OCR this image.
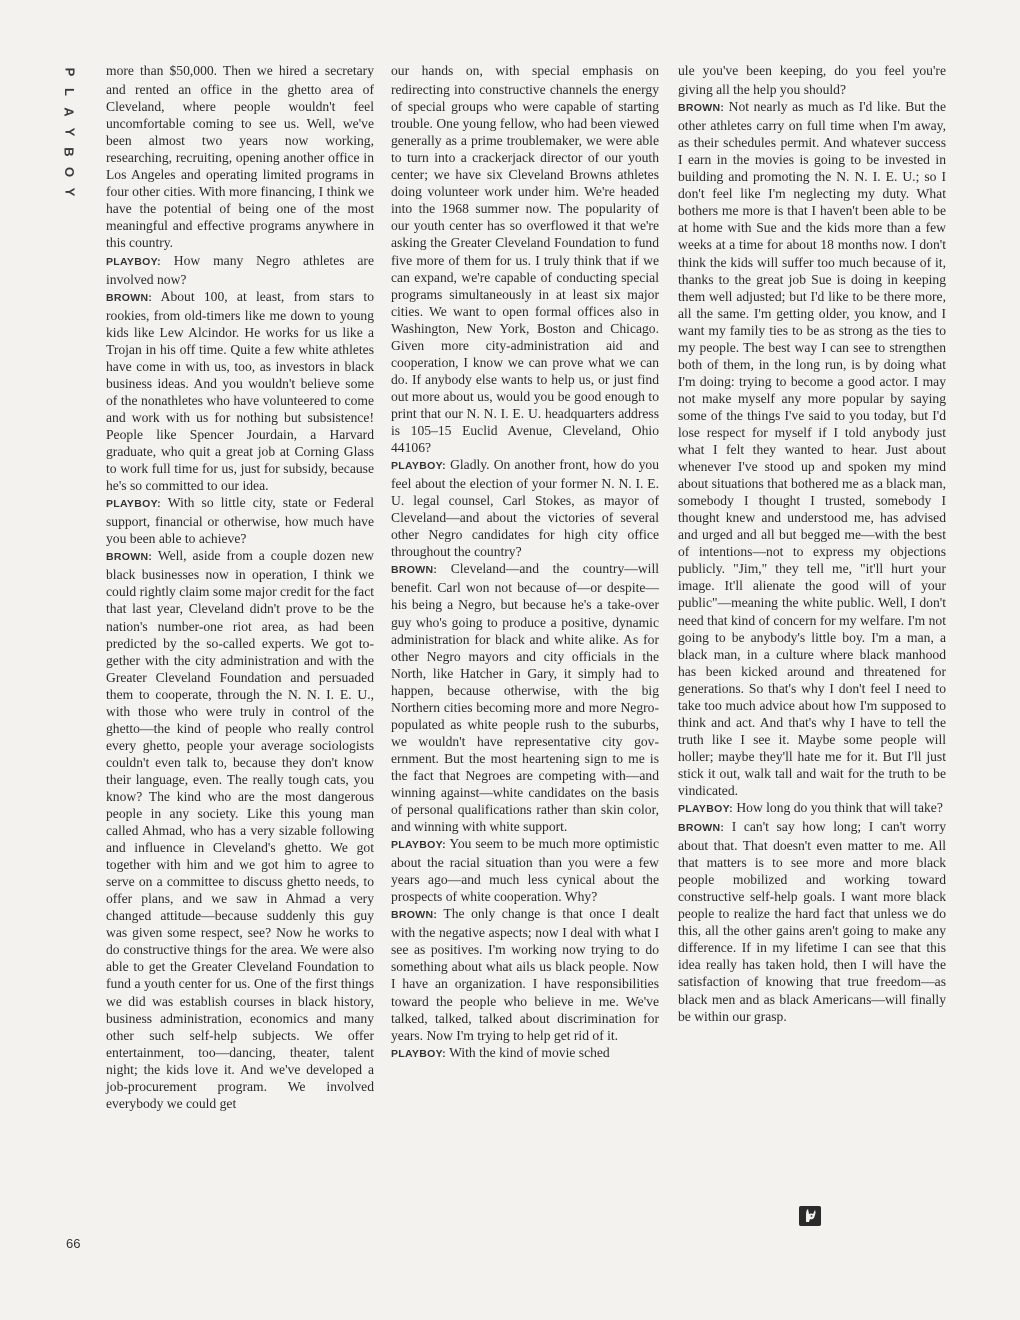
P
L
A
Y
B
O
Y

more than $50,000. Then we hired a secretary and rented an office in the ghetto area of Cleveland, where people wouldn't feel uncomfortable coming to see us. Well, we've been almost two years now working, researching, recruiting, opening another office in Los Angeles and operating limited programs in four other cities. With more financing, I think we have the potential of being one of the most meaningful and effective programs anywhere in this country.

PLAYBOY: How many Negro athletes are involved now?

BROWN: About 100, at least, from stars to rookies, from old-timers like me down to young kids like Lew Alcindor. He works for us like a Trojan in his off time. Quite a few white athletes have come in with us, too, as investors in black business ideas. And you wouldn't believe some of the nonathletes who have volunteered to come and work with us for nothing but subsistence! People like Spencer Jourdain, a Harvard graduate, who quit a great job at Corning Glass to work full time for us, just for subsidy, because he's so committed to our idea.

PLAYBOY: With so little city, state or Federal support, financial or otherwise, how much have you been able to achieve?

BROWN: Well, aside from a couple dozen new black businesses now in operation, I think we could rightly claim some major credit for the fact that last year, Cleveland didn't prove to be the nation's number-one riot area, as had been predicted by the so-called experts. We got together with the city administration and with the Greater Cleveland Foundation and persuaded them to cooperate, through the N. N. I. E. U., with those who were truly in control of the ghetto—the kind of people who really control every ghetto, people your average sociologists couldn't even talk to, because they don't know their language, even. The really tough cats, you know? The kind who are the most dangerous people in any society. Like this young man called Ahmad, who has a very sizable following and influence in Cleveland's ghetto. We got together with him and we got him to agree to serve on a committee to discuss ghetto needs, to offer plans, and we saw in Ahmad a very changed attitude—because suddenly this guy was given some respect, see? Now he works to do constructive things for the area. We were also able to get the Greater Cleveland Foundation to fund a youth center for us. One of the first things we did was establish courses in black history, business administration, economics and many other such self-help subjects. We offer entertainment, too—dancing, theater, talent night; the kids love it. And we've developed a job-procurement program. We involved everybody we could get

our hands on, with special emphasis on redirecting into constructive channels the energy of special groups who were capable of starting trouble. One young fellow, who had been viewed generally as a prime troublemaker, we were able to turn into a crackerjack director of our youth center; we have six Cleveland Browns athletes doing volunteer work under him. We're headed into the 1968 summer now. The popularity of our youth center has so overflowed it that we're asking the Greater Cleveland Foundation to fund five more of them for us. I truly think that if we can expand, we're capable of conducting special programs simultaneously in at least six major cities. We want to open formal offices also in Washington, New York, Boston and Chicago. Given more city-administration aid and cooperation, I know we can prove what we can do. If anybody else wants to help us, or just find out more about us, would you be good enough to print that our N. N. I. E. U. headquarters address is 105–15 Euclid Avenue, Cleveland, Ohio 44106?

PLAYBOY: Gladly. On another front, how do you feel about the election of your former N. N. I. E. U. legal counsel, Carl Stokes, as mayor of Cleveland—and about the victories of several other Negro candidates for high city office throughout the country?

BROWN: Cleveland—and the country—will benefit. Carl won not because of—or despite—his being a Negro, but because he's a take-over guy who's going to produce a positive, dynamic administration for black and white alike. As for other Negro mayors and city officials in the North, like Hatcher in Gary, it simply had to happen, because otherwise, with the big Northern cities becoming more and more Negro-populated as white people rush to the suburbs, we wouldn't have representative city government. But the most heartening sign to me is the fact that Negroes are competing with—and winning against—white candidates on the basis of personal qualifications rather than skin color, and winning with white support.

PLAYBOY: You seem to be much more optimistic about the racial situation than you were a few years ago—and much less cynical about the prospects of white cooperation. Why?

BROWN: The only change is that once I dealt with the negative aspects; now I deal with what I see as positives. I'm working now trying to do something about what ails us black people. Now I have an organization. I have responsibilities toward the people who believe in me. We've talked, talked, talked about discrimination for years. Now I'm trying to help get rid of it.

PLAYBOY: With the kind of movie sched

ule you've been keeping, do you feel you're giving all the help you should?

BROWN: Not nearly as much as I'd like. But the other athletes carry on full time when I'm away, as their schedules permit. And whatever success I earn in the movies is going to be invested in building and promoting the N. N. I. E. U.; so I don't feel like I'm neglecting my duty. What bothers me more is that I haven't been able to be at home with Sue and the kids more than a few weeks at a time for about 18 months now. I don't think the kids will suffer too much because of it, thanks to the great job Sue is doing in keeping them well adjusted; but I'd like to be there more, all the same. I'm getting older, you know, and I want my family ties to be as strong as the ties to my people. The best way I can see to strengthen both of them, in the long run, is by doing what I'm doing: trying to become a good actor. I may not make myself any more popular by saying some of the things I've said to you today, but I'd lose respect for myself if I told anybody just what I felt they wanted to hear. Just about whenever I've stood up and spoken my mind about situations that bothered me as a black man, somebody I thought I trusted, somebody I thought knew and understood me, has advised and urged and all but begged me—with the best of intentions—not to express my objections publicly. "Jim," they tell me, "it'll hurt your image. It'll alienate the good will of your public"—meaning the white public. Well, I don't need that kind of concern for my welfare. I'm not going to be anybody's little boy. I'm a man, a black man, in a culture where black manhood has been kicked around and threatened for generations. So that's why I don't feel I need to take too much advice about how I'm supposed to think and act. And that's why I have to tell the truth like I see it. Maybe some people will holler; maybe they'll hate me for it. But I'll just stick it out, walk tall and wait for the truth to be vindicated.

PLAYBOY: How long do you think that will take?

BROWN: I can't say how long; I can't worry about that. That doesn't even matter to me. All that matters is to see more and more black people mobilized and working toward constructive self-help goals. I want more black people to realize the hard fact that unless we do this, all the other gains aren't going to make any difference. If in my lifetime I can see that this idea really has taken hold, then I will have the satisfaction of knowing that true freedom—as black men and as black Americans—will finally be within our grasp.

66
